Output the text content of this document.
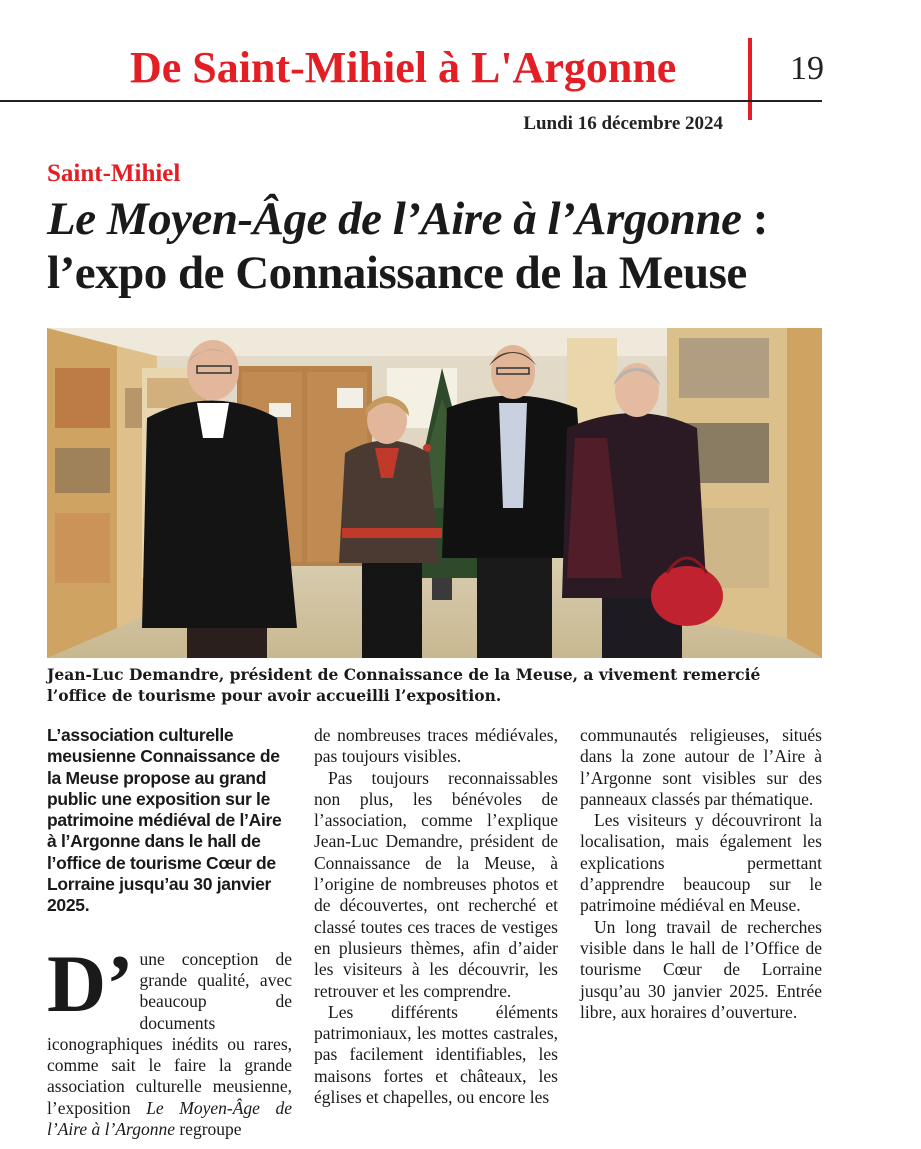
De Saint-Mihiel à L'Argonne	19
Lundi 16 décembre 2024
Saint-Mihiel
Le Moyen-Âge de l’Aire à l’Argonne :
l’expo de Connaissance de la Meuse

Jean-Luc Demandre, président de Connaissance de la Meuse, a vivement remercié l’office de tourisme pour avoir accueilli l’exposition.

L’association culturelle meusienne Connaissance de la Meuse propose au grand public une exposition sur le patrimoine médiéval de l’Aire à l’Argonne dans le hall de l’office de tourisme Cœur de Lorraine jusqu’au 30 janvier 2025.

D’ une conception de grande qualité, avec beaucoup de documents iconographiques inédits ou rares, comme sait le faire la grande association culturelle meusienne, l’exposition Le Moyen-Âge de l’Aire à l’Argonne regroupe

de nombreuses traces médiévales, pas toujours visibles.

Pas toujours reconnaissables non plus, les bénévoles de l’association, comme l’explique Jean-Luc Demandre, président de Connaissance de la Meuse, à l’origine de nombreuses photos et de découvertes, ont recherché et classé toutes ces traces de vestiges en plusieurs thèmes, afin d’aider les visiteurs à les découvrir, les retrouver et les comprendre.

Les différents éléments patrimoniaux, les mottes castrales, pas facilement identifiables, les maisons fortes et châteaux, les églises et chapelles, ou encore les

communautés religieuses, situés dans la zone autour de l’Aire à l’Argonne sont visibles sur des panneaux classés par thématique.

Les visiteurs y découvriront la localisation, mais également les explications permettant d’apprendre beaucoup sur le patrimoine médiéval en Meuse.

Un long travail de recherches visible dans le hall de l’Office de tourisme Cœur de Lorraine jusqu’au 30 janvier 2025. Entrée libre, aux horaires d’ouverture.
